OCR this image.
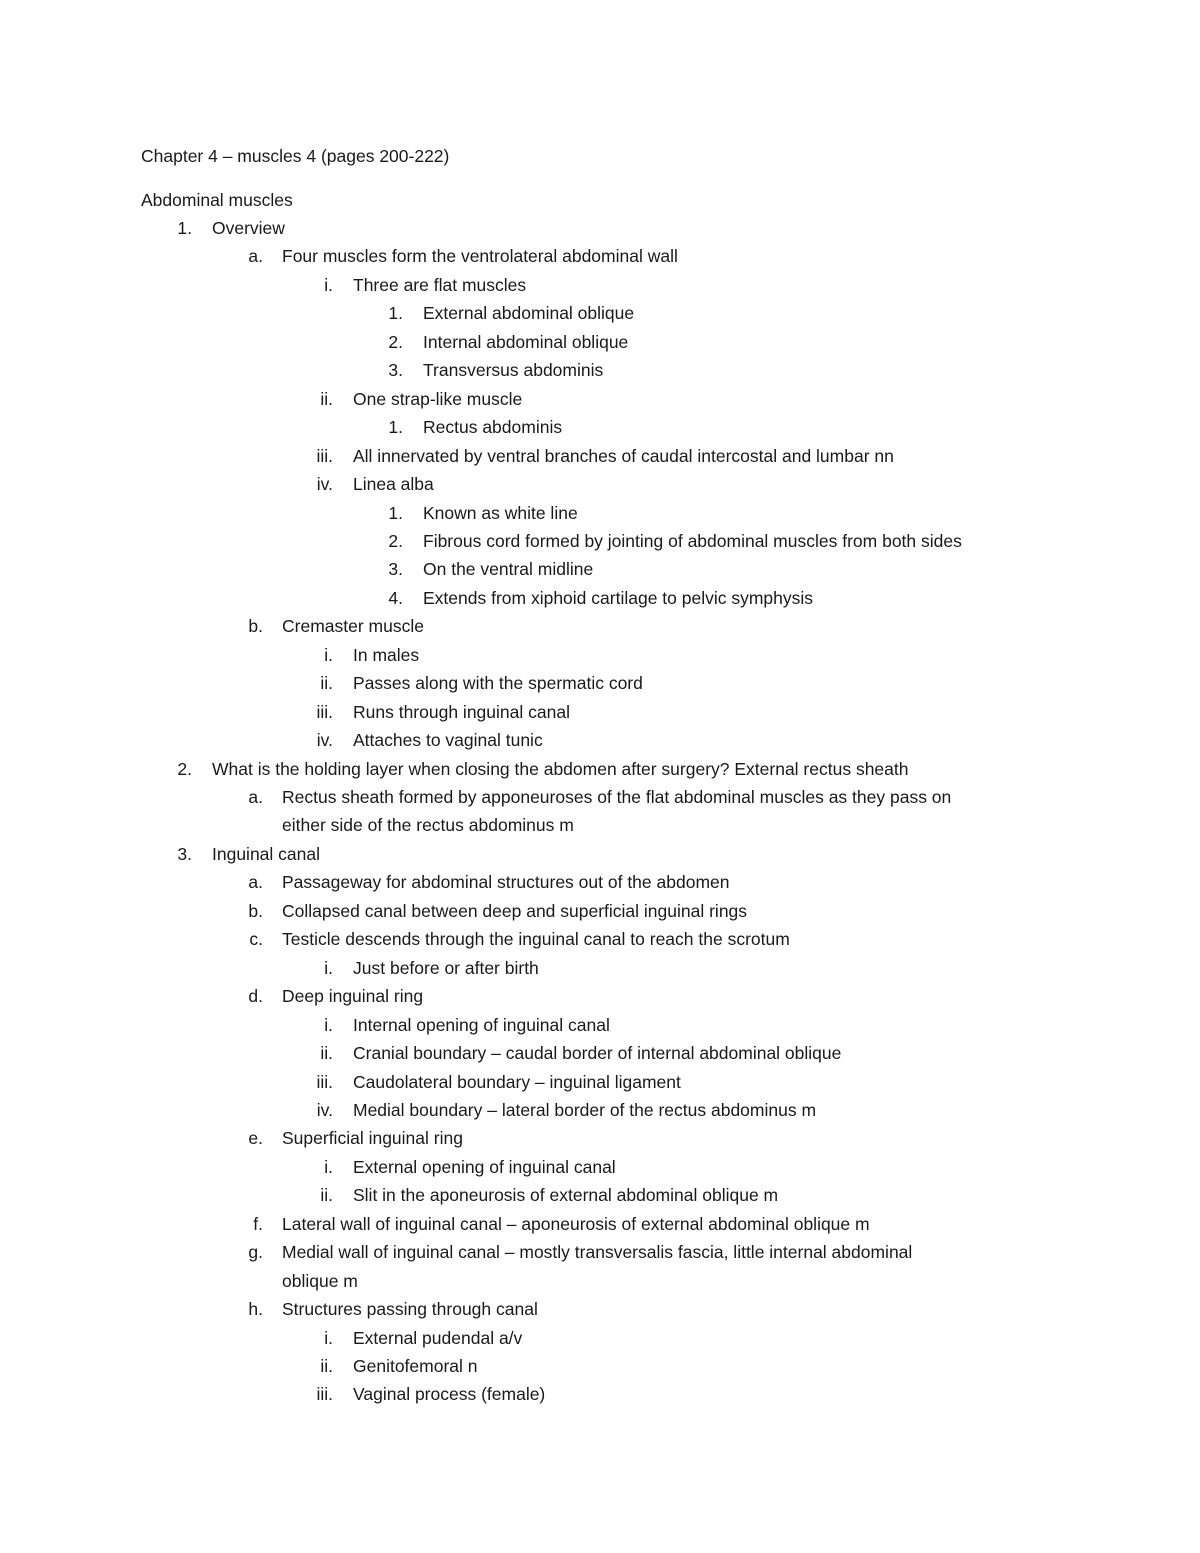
Chapter 4 – muscles 4 (pages 200-222)
Abdominal muscles
1. Overview
a. Four muscles form the ventrolateral abdominal wall
i. Three are flat muscles
1. External abdominal oblique
2. Internal abdominal oblique
3. Transversus abdominis
ii. One strap-like muscle
1. Rectus abdominis
iii. All innervated by ventral branches of caudal intercostal and lumbar nn
iv. Linea alba
1. Known as white line
2. Fibrous cord formed by jointing of abdominal muscles from both sides
3. On the ventral midline
4. Extends from xiphoid cartilage to pelvic symphysis
b. Cremaster muscle
i. In males
ii. Passes along with the spermatic cord
iii. Runs through inguinal canal
iv. Attaches to vaginal tunic
2. What is the holding layer when closing the abdomen after surgery? External rectus sheath
a. Rectus sheath formed by apponeuroses of the flat abdominal muscles as they pass on
either side of the rectus abdominus m
3. Inguinal canal
a. Passageway for abdominal structures out of the abdomen
b. Collapsed canal between deep and superficial inguinal rings
c. Testicle descends through the inguinal canal to reach the scrotum
i. Just before or after birth
d. Deep inguinal ring
i. Internal opening of inguinal canal
ii. Cranial boundary – caudal border of internal abdominal oblique
iii. Caudolateral boundary – inguinal ligament
iv. Medial boundary – lateral border of the rectus abdominus m
e. Superficial inguinal ring
i. External opening of inguinal canal
ii. Slit in the aponeurosis of external abdominal oblique m
f. Lateral wall of inguinal canal – aponeurosis of external abdominal oblique m
g. Medial wall of inguinal canal – mostly transversalis fascia, little internal abdominal
oblique m
h. Structures passing through canal
i. External pudendal a/v
ii. Genitofemoral n
iii. Vaginal process (female)
